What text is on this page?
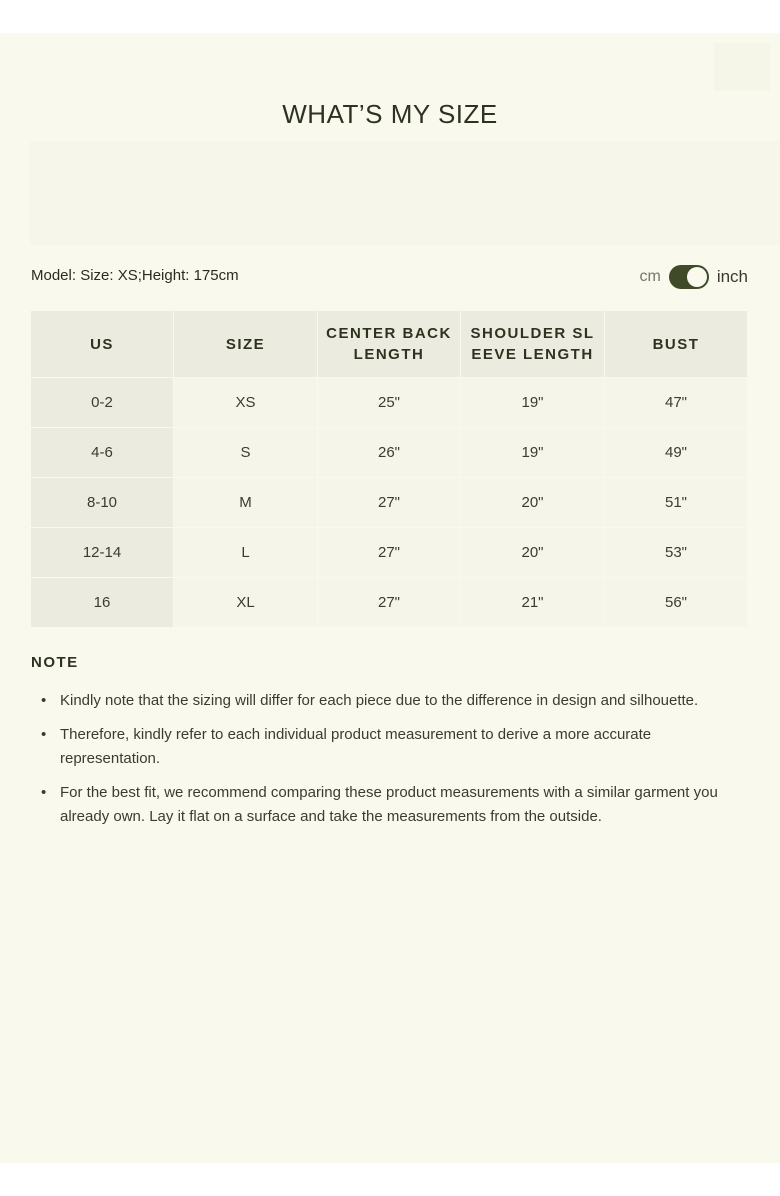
WHAT’S MY SIZE
Model: Size: XS;Height: 175cm	cm	inch
US	SIZE	CENTER BACK LENGTH	SHOULDER SLEEVE LENGTH	BUST
0-2	XS	25"	19"	47"
4-6	S	26"	19"	49"
8-10	M	27"	20"	51"
12-14	L	27"	20"	53"
16	XL	27"	21"	56"
NOTE
• Kindly note that the sizing will differ for each piece due to the difference in design and silhouette.
• Therefore, kindly refer to each individual product measurement to derive a more accurate representation.
• For the best fit, we recommend comparing these product measurements with a similar garment you already own. Lay it flat on a surface and take the measurements from the outside.
